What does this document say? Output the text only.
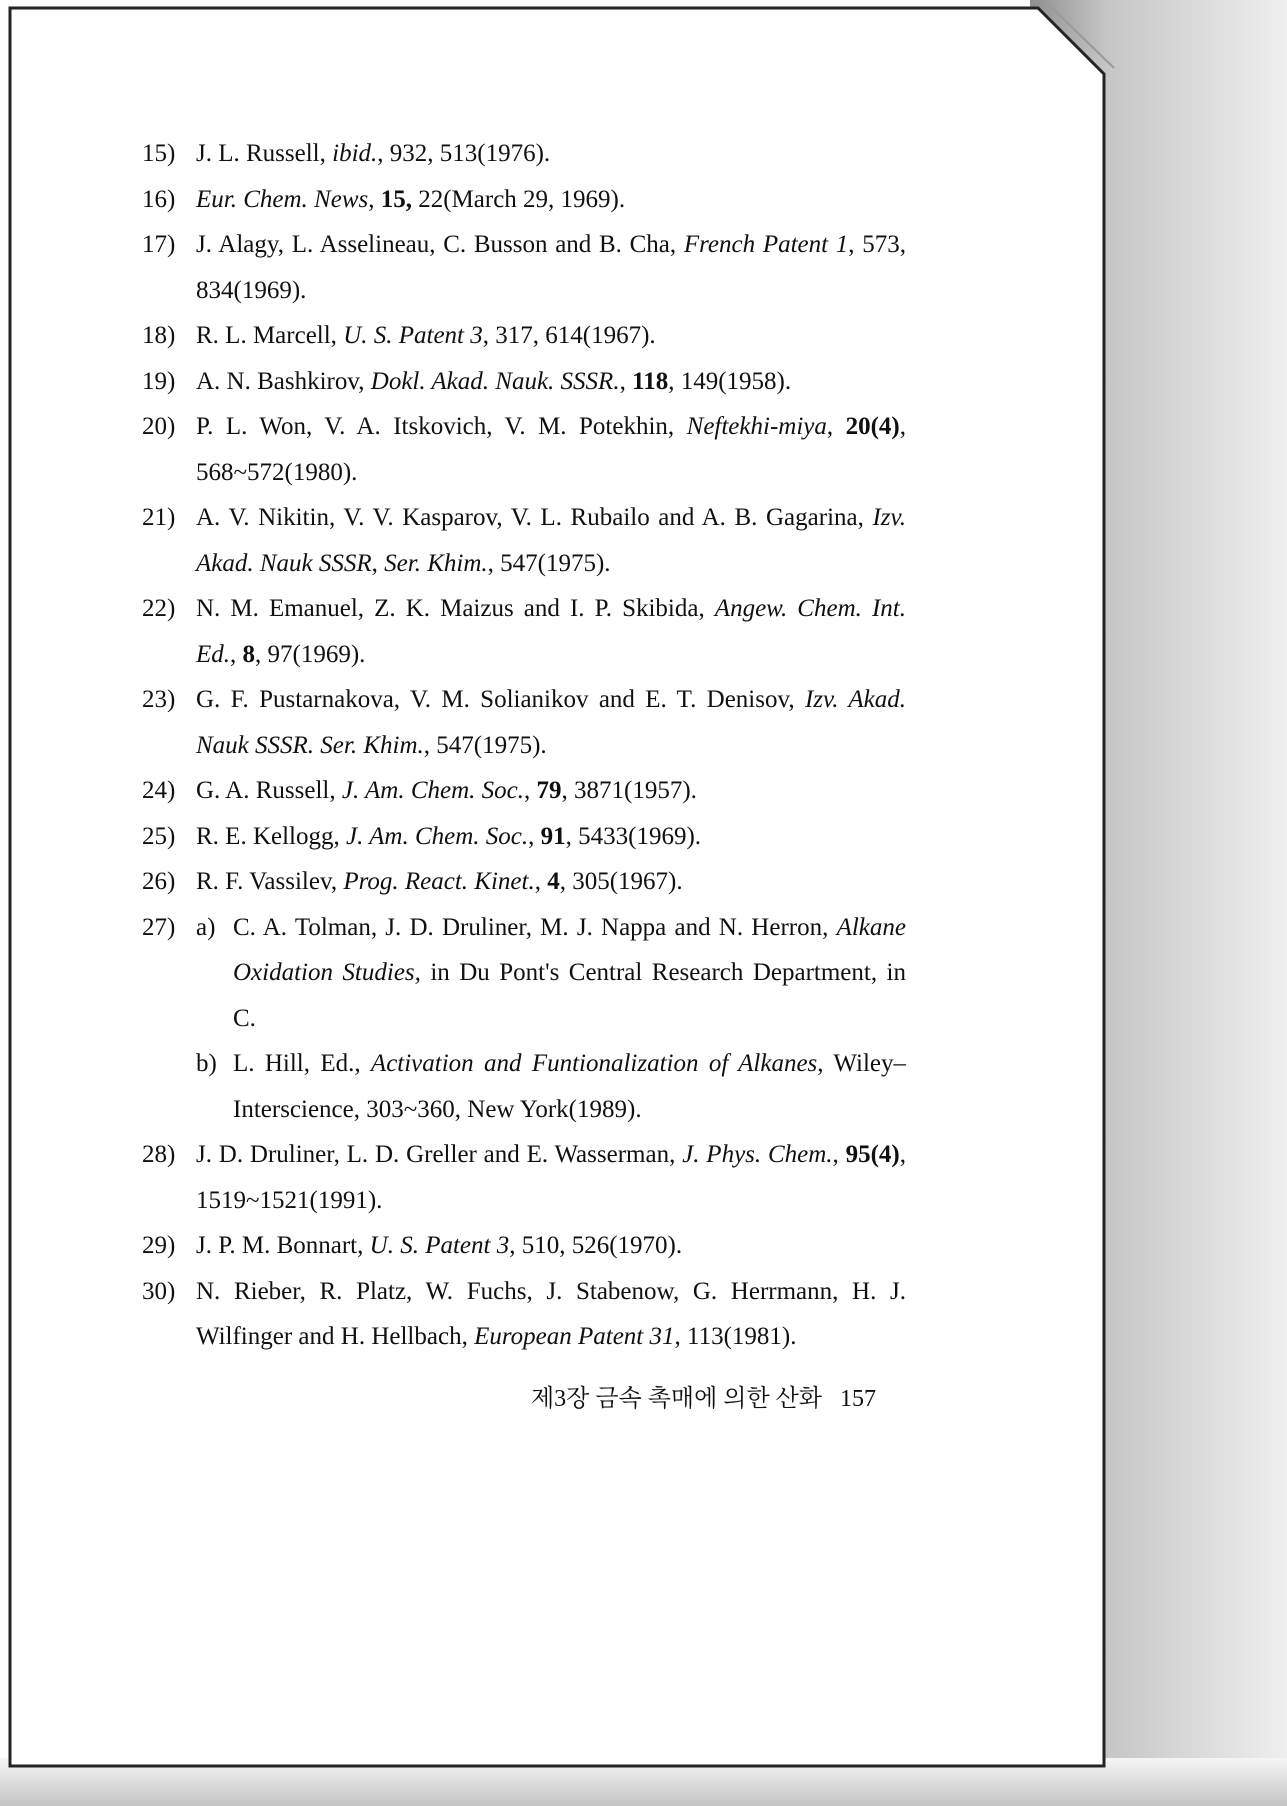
15) J. L. Russell, ibid., 932, 513(1976).
16) Eur. Chem. News, 15, 22(March 29, 1969).
17) J. Alagy, L. Asselineau, C. Busson and B. Cha, French Patent 1, 573, 834(1969).
18) R. L. Marcell, U. S. Patent 3, 317, 614(1967).
19) A. N. Bashkirov, Dokl. Akad. Nauk. SSSR., 118, 149(1958).
20) P. L. Won, V. A. Itskovich, V. M. Potekhin, Neftekhi-miya, 20(4), 568~572(1980).
21) A. V. Nikitin, V. V. Kasparov, V. L. Rubailo and A. B. Gagarina, Izv. Akad. Nauk SSSR, Ser. Khim., 547(1975).
22) N. M. Emanuel, Z. K. Maizus and I. P. Skibida, Angew. Chem. Int. Ed., 8, 97(1969).
23) G. F. Pustarnakova, V. M. Solianikov and E. T. Denisov, Izv. Akad. Nauk SSSR. Ser. Khim., 547(1975).
24) G. A. Russell, J. Am. Chem. Soc., 79, 3871(1957).
25) R. E. Kellogg, J. Am. Chem. Soc., 91, 5433(1969).
26) R. F. Vassilev, Prog. React. Kinet., 4, 305(1967).
27) a) C. A. Tolman, J. D. Druliner, M. J. Nappa and N. Herron, Alkane Oxidation Studies, in Du Pont's Central Research Department, in C.
b) L. Hill, Ed., Activation and Funtionalization of Alkanes, Wiley–Interscience, 303~360, New York(1989).
28) J. D. Druliner, L. D. Greller and E. Wasserman, J. Phys. Chem., 95(4), 1519~1521(1991).
29) J. P. M. Bonnart, U. S. Patent 3, 510, 526(1970).
30) N. Rieber, R. Platz, W. Fuchs, J. Stabenow, G. Herrmann, H. J. Wilfinger and H. Hellbach, European Patent 31, 113(1981).
제3장 금속 촉매에 의한 산화 157
